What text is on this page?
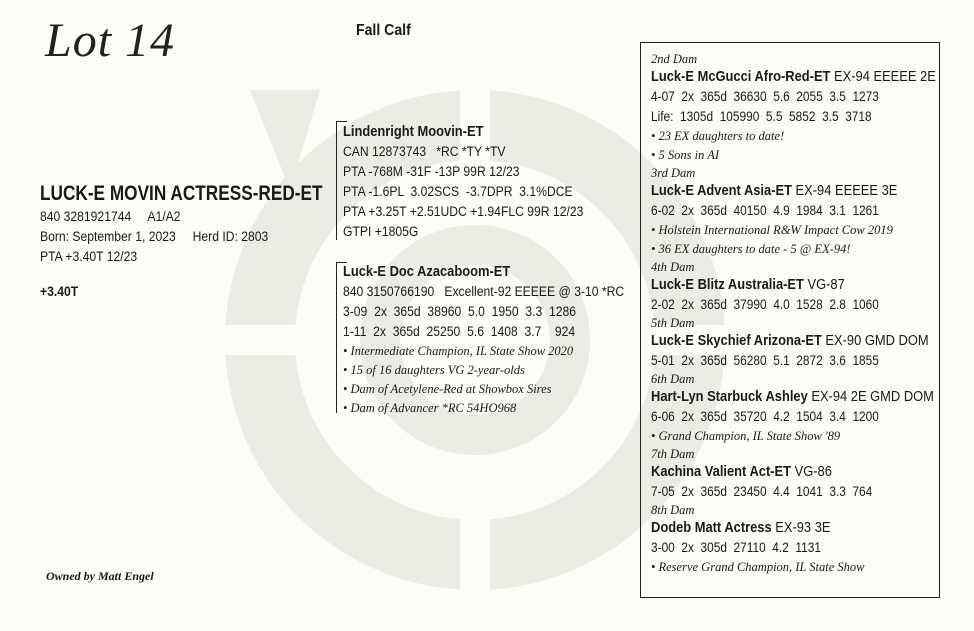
Lot 14	Fall Calf
LUCK-E MOVIN ACTRESS-RED-ET
840 3281921744     A1/A2
Born: September 1, 2023     Herd ID: 2803
PTA +3.40T 12/23
+3.40T
Lindenright Moovin-ET
CAN 12873743   *RC *TY *TV
PTA -768M -31F -13P 99R 12/23
PTA -1.6PL  3.02SCS  -3.7DPR  3.1%DCE
PTA +3.25T +2.51UDC +1.94FLC 99R 12/23
GTPI +1805G
Luck-E Doc Azacaboom-ET
840 3150766190   Excellent-92 EEEEE @ 3-10 *RC
3-09  2x  365d  38960  5.0  1950  3.3  1286
1-11  2x  365d  25250  5.6  1408  3.7    924
• Intermediate Champion, IL State Show 2020
• 15 of 16 daughters VG 2-year-olds
• Dam of Acetylene-Red at Showbox Sires
• Dam of Advancer *RC 54HO968
Owned by Matt Engel
2nd Dam
Luck-E McGucci Afro-Red-ET EX-94 EEEEE 2E
4-07  2x  365d  36630  5.6  2055  3.5  1273
Life:  1305d  105990  5.5  5852  3.5  3718
• 23 EX daughters to date!
• 5 Sons in AI
3rd Dam
Luck-E Advent Asia-ET EX-94 EEEEE 3E
6-02  2x  365d  40150  4.9  1984  3.1  1261
• Holstein International R&W Impact Cow 2019
• 36 EX daughters to date - 5 @ EX-94!
4th Dam
Luck-E Blitz Australia-ET VG-87
2-02  2x  365d  37990  4.0  1528  2.8  1060
5th Dam
Luck-E Skychief Arizona-ET EX-90 GMD DOM
5-01  2x  365d  56280  5.1  2872  3.6  1855
6th Dam
Hart-Lyn Starbuck Ashley EX-94 2E GMD DOM
6-06  2x  365d  35720  4.2  1504  3.4  1200
• Grand Champion, IL State Show '89
7th Dam
Kachina Valient Act-ET VG-86
7-05  2x  365d  23450  4.4  1041  3.3  764
8th Dam
Dodeb Matt Actress EX-93 3E
3-00  2x  305d  27110  4.2  1131
• Reserve Grand Champion, IL State Show
